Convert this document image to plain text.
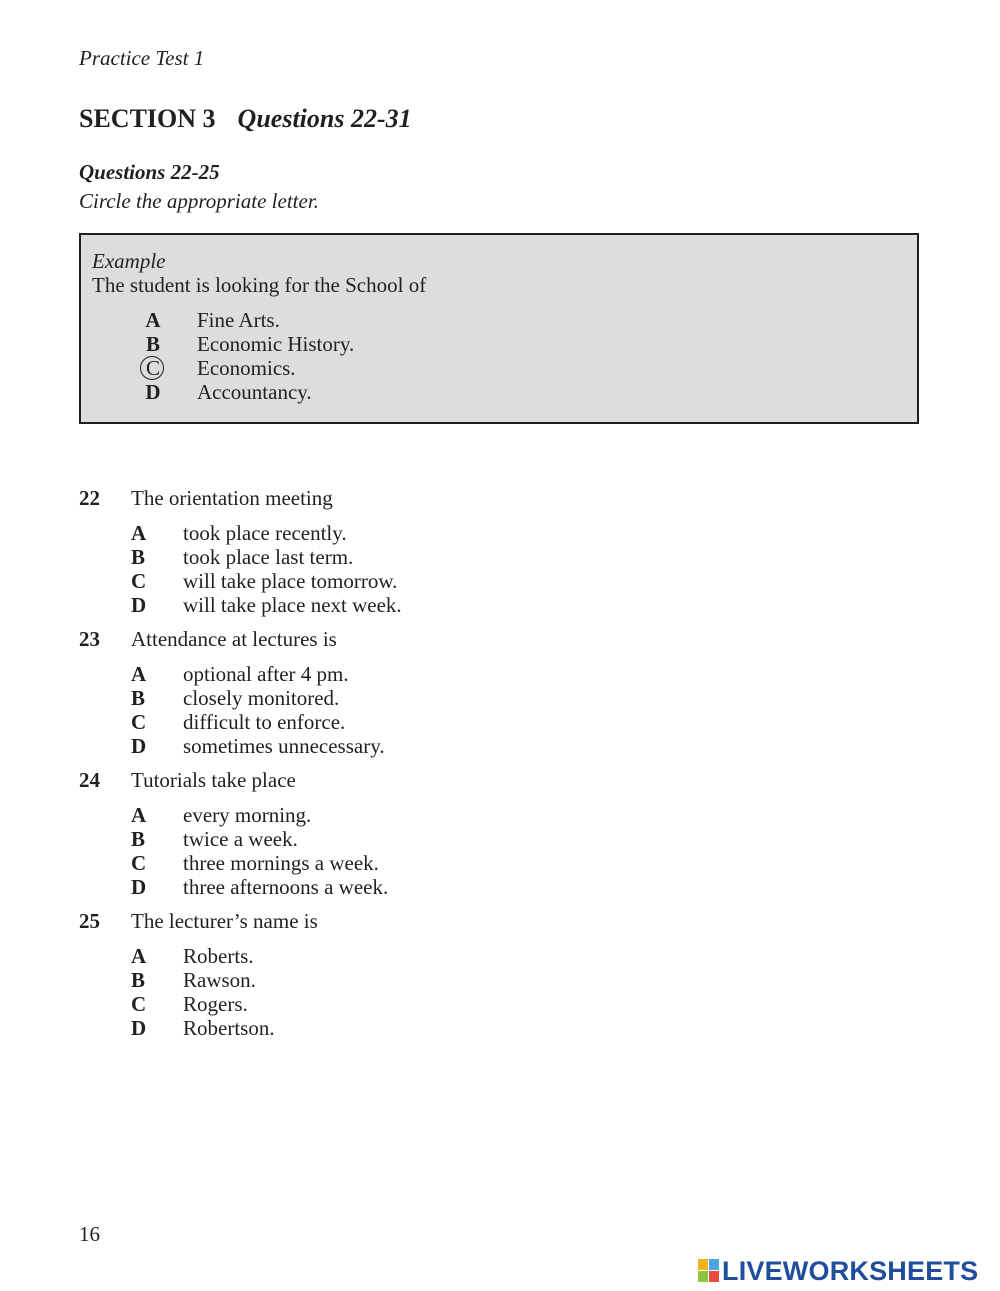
Practice Test 1
SECTION 3 Questions 22-31
Questions 22-25
Circle the appropriate letter.
Example
The student is looking for the School of
A Fine Arts.
B Economic History.
C Economics.
D Accountancy.
22 The orientation meeting
A took place recently.
B took place last term.
C will take place tomorrow.
D will take place next week.
23 Attendance at lectures is
A optional after 4 pm.
B closely monitored.
C difficult to enforce.
D sometimes unnecessary.
24 Tutorials take place
A every morning.
B twice a week.
C three mornings a week.
D three afternoons a week.
25 The lecturer’s name is
A Roberts.
B Rawson.
C Rogers.
D Robertson.
16
LIVEWORKSHEETS
